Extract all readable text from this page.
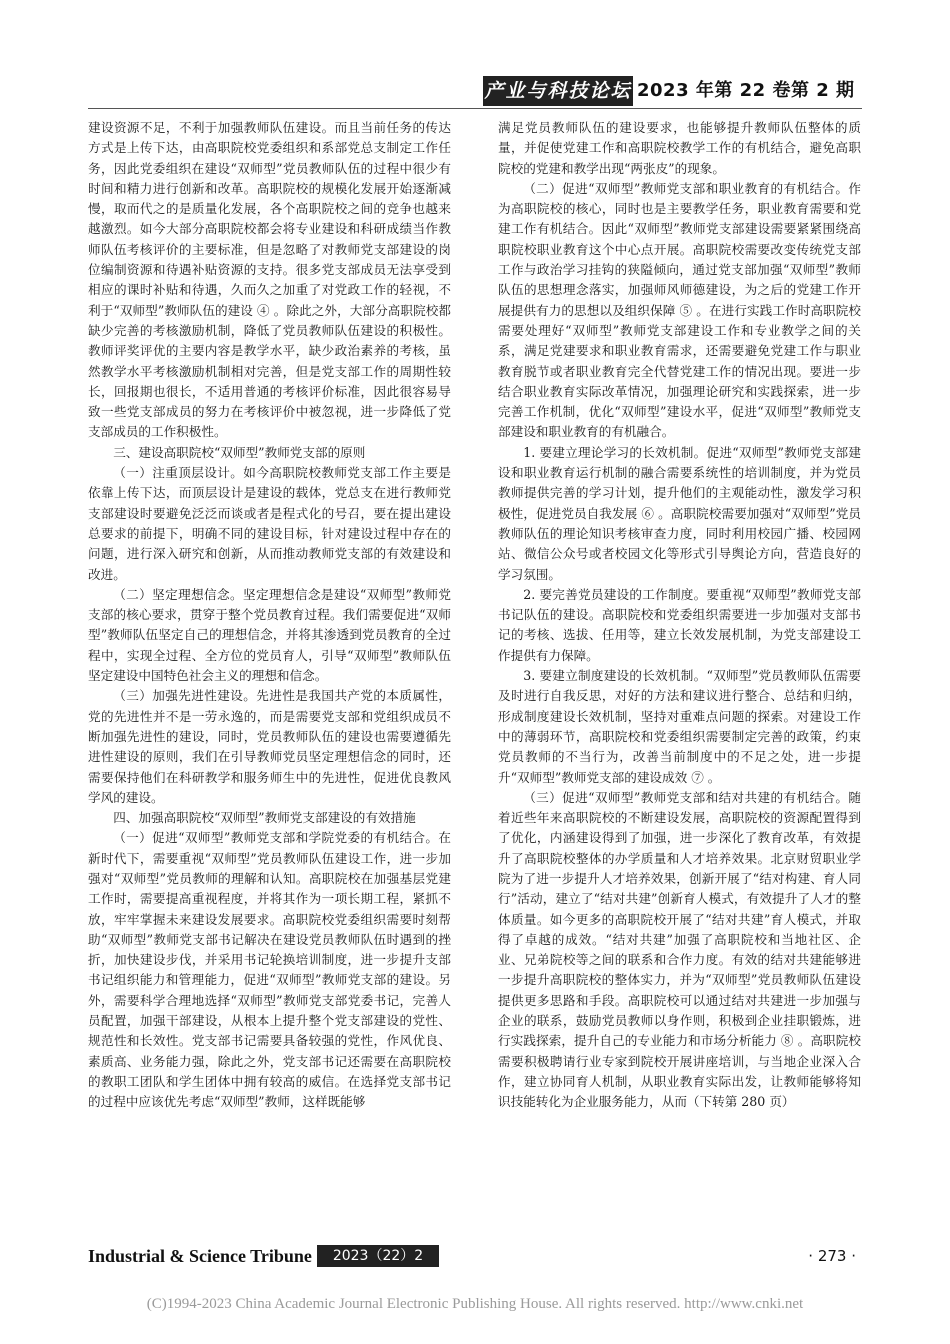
产业与科技论坛 2023 年第 22 卷第 2 期

建设资源不足，不利于加强教师队伍建设。而且当前任务的传达方式是上传下达，由高职院校党委组织和系部党总支制定工作任务，因此党委组织在建设“双师型”党员教师队伍的过程中很少有时间和精力进行创新和改革。高职院校的规模化发展开始逐渐减慢，取而代之的是质量化发展，各个高职院校之间的竞争也越来越激烈。如今大部分高职院校都会将专业建设和科研成绩当作教师队伍考核评价的主要标准，但是忽略了对教师党支部建设的岗位编制资源和待遇补贴资源的支持。很多党支部成员无法享受到相应的课时补贴和待遇，久而久之加重了对党政工作的轻视，不利于“双师型”教师队伍的建设 ④ 。除此之外，大部分高职院校都缺少完善的考核激励机制，降低了党员教师队伍建设的积极性。教师评奖评优的主要内容是教学水平，缺少政治素养的考核，虽然教学水平考核激励机制相对完善，但是党支部工作的周期性较长，回报期也很长，不适用普通的考核评价标准，因此很容易导致一些党支部成员的努力在考核评价中被忽视，进一步降低了党支部成员的工作积极性。

三、建设高职院校“双师型”教师党支部的原则

（一）注重顶层设计。如今高职院校教师党支部工作主要是依靠上传下达，而顶层设计是建设的载体，党总支在进行教师党支部建设时要避免泛泛而谈或者是程式化的号召，要在提出建设总要求的前提下，明确不同的建设目标，针对建设过程中存在的问题，进行深入研究和创新，从而推动教师党支部的有效建设和改进。

（二）坚定理想信念。坚定理想信念是建设“双师型”教师党支部的核心要求，贯穿于整个党员教育过程。我们需要促进“双师型”教师队伍坚定自己的理想信念，并将其渗透到党员教育的全过程中，实现全过程、全方位的党员育人，引导“双师型”教师队伍坚定建设中国特色社会主义的理想和信念。

（三）加强先进性建设。先进性是我国共产党的本质属性，党的先进性并不是一劳永逸的，而是需要党支部和党组织成员不断加强先进性的建设，同时，党员教师队伍的建设也需要遵循先进性建设的原则，我们在引导教师党员坚定理想信念的同时，还需要保持他们在科研教学和服务师生中的先进性，促进优良教风学风的建设。

四、加强高职院校“双师型”教师党支部建设的有效措施

（一）促进“双师型”教师党支部和学院党委的有机结合。在新时代下，需要重视“双师型”党员教师队伍建设工作，进一步加强对“双师型”党员教师的理解和认知。高职院校在加强基层党建工作时，需要提高重视程度，并将其作为一项长期工程，紧抓不放，牢牢掌握未来建设发展要求。高职院校党委组织需要时刻帮助“双师型”教师党支部书记解决在建设党员教师队伍时遇到的挫折，加快建设步伐，并采用书记轮换培训制度，进一步提升支部书记组织能力和管理能力，促进“双师型”教师党支部的建设。另外，需要科学合理地选择“双师型”教师党支部党委书记，完善人员配置，加强干部建设，从根本上提升整个党支部建设的党性、规范性和长效性。党支部书记需要具备较强的党性，作风优良、素质高、业务能力强，除此之外，党支部书记还需要在高职院校的教职工团队和学生团体中拥有较高的威信。在选择党支部书记的过程中应该优先考虑“双师型”教师，这样既能够

满足党员教师队伍的建设要求，也能够提升教师队伍整体的质量，并促使党建工作和高职院校教学工作的有机结合，避免高职院校的党建和教学出现“两张皮”的现象。

（二）促进“双师型”教师党支部和职业教育的有机结合。作为高职院校的核心，同时也是主要教学任务，职业教育需要和党建工作有机结合。因此“双师型”教师党支部建设需要紧紧围绕高职院校职业教育这个中心点开展。高职院校需要改变传统党支部工作与政治学习挂钩的狭隘倾向，通过党支部加强“双师型”教师队伍的思想理念落实，加强师风师德建设，为之后的党建工作开展提供有力的思想以及组织保障 ⑤ 。在进行实践工作时高职院校需要处理好“双师型”教师党支部建设工作和专业教学之间的关系，满足党建要求和职业教育需求，还需要避免党建工作与职业教育脱节或者职业教育完全代替党建工作的情况出现。要进一步结合职业教育实际改革情况，加强理论研究和实践探索，进一步完善工作机制，优化“双师型”建设水平，促进“双师型”教师党支部建设和职业教育的有机融合。

1. 要建立理论学习的长效机制。促进“双师型”教师党支部建设和职业教育运行机制的融合需要系统性的培训制度，并为党员教师提供完善的学习计划，提升他们的主观能动性，激发学习积极性，促进党员自我发展 ⑥ 。高职院校需要加强对“双师型”党员教师队伍的理论知识考核审查力度，同时利用校园广播、校园网站、微信公众号或者校园文化等形式引导舆论方向，营造良好的学习氛围。

2. 要完善党员建设的工作制度。要重视“双师型”教师党支部书记队伍的建设。高职院校和党委组织需要进一步加强对支部书记的考核、选拔、任用等，建立长效发展机制，为党支部建设工作提供有力保障。

3. 要建立制度建设的长效机制。“双师型”党员教师队伍需要及时进行自我反思，对好的方法和建议进行整合、总结和归纳，形成制度建设长效机制，坚持对重难点问题的探索。对建设工作中的薄弱环节，高职院校和党委组织需要制定完善的政策，约束党员教师的不当行为，改善当前制度中的不足之处，进一步提升“双师型”教师党支部的建设成效 ⑦ 。

（三）促进“双师型”教师党支部和结对共建的有机结合。随着近些年来高职院校的不断建设发展，高职院校的资源配置得到了优化，内涵建设得到了加强，进一步深化了教育改革，有效提升了高职院校整体的办学质量和人才培养效果。北京财贸职业学院为了进一步提升人才培养效果，创新开展了“结对构建、育人同行”活动，建立了“结对共建”创新育人模式，有效提升了人才的整体质量。如今更多的高职院校开展了“结对共建”育人模式，并取得了卓越的成效。“结对共建”加强了高职院校和当地社区、企业、兄弟院校等之间的联系和合作力度。有效的结对共建能够进一步提升高职院校的整体实力，并为“双师型”党员教师队伍建设提供更多思路和手段。高职院校可以通过结对共建进一步加强与企业的联系，鼓励党员教师以身作则，积极到企业挂职锻炼，进行实践探索，提升自己的专业能力和市场分析能力 ⑧ 。高职院校需要积极聘请行业专家到院校开展讲座培训，与当地企业深入合作，建立协同育人机制，从职业教育实际出发，让教师能够将知识技能转化为企业服务能力，从而（下转第 280 页）

Industrial & Science Tribune	2023（22）2	· 273 ·
(C)1994-2023 China Academic Journal Electronic Publishing House. All rights reserved. http://www.cnki.net
